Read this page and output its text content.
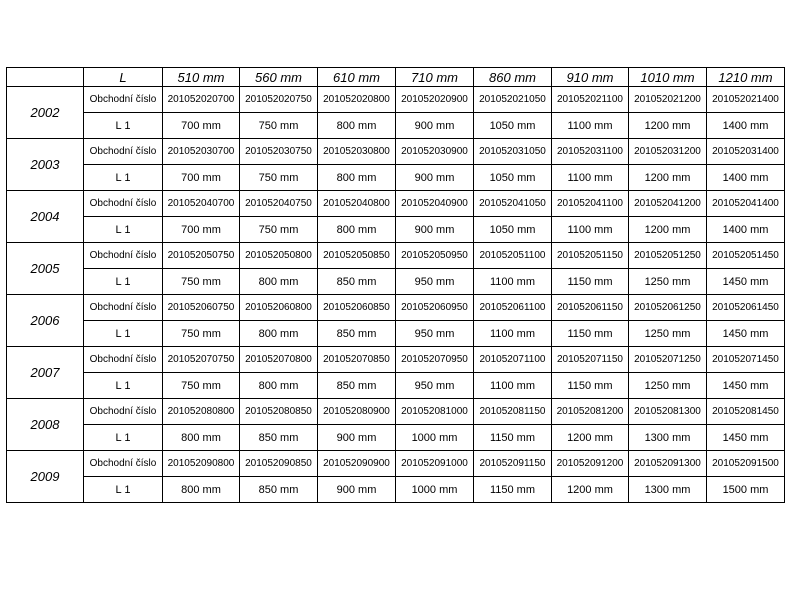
	L	510 mm	560 mm	610 mm	710 mm	860 mm	910 mm	1010 mm	1210 mm
2002	Obchodní číslo	201052020700	201052020750	201052020800	201052020900	201052021050	201052021100	201052021200	201052021400
	L 1	700 mm	750 mm	800 mm	900 mm	1050 mm	1100 mm	1200 mm	1400 mm
2003	Obchodní číslo	201052030700	201052030750	201052030800	201052030900	201052031050	201052031100	201052031200	201052031400
	L 1	700 mm	750 mm	800 mm	900 mm	1050 mm	1100 mm	1200 mm	1400 mm
2004	Obchodní číslo	201052040700	201052040750	201052040800	201052040900	201052041050	201052041100	201052041200	201052041400
	L 1	700 mm	750 mm	800 mm	900 mm	1050 mm	1100 mm	1200 mm	1400 mm
2005	Obchodní číslo	201052050750	201052050800	201052050850	201052050950	201052051100	201052051150	201052051250	201052051450
	L 1	750 mm	800 mm	850 mm	950 mm	1100 mm	1150 mm	1250 mm	1450 mm
2006	Obchodní číslo	201052060750	201052060800	201052060850	201052060950	201052061100	201052061150	201052061250	201052061450
	L 1	750 mm	800 mm	850 mm	950 mm	1100 mm	1150 mm	1250 mm	1450 mm
2007	Obchodní číslo	201052070750	201052070800	201052070850	201052070950	201052071100	201052071150	201052071250	201052071450
	L 1	750 mm	800 mm	850 mm	950 mm	1100 mm	1150 mm	1250 mm	1450 mm
2008	Obchodní číslo	201052080800	201052080850	201052080900	201052081000	201052081150	201052081200	201052081300	201052081450
	L 1	800 mm	850 mm	900 mm	1000 mm	1150 mm	1200 mm	1300 mm	1450 mm
2009	Obchodní číslo	201052090800	201052090850	201052090900	201052091000	201052091150	201052091200	201052091300	201052091500
	L 1	800 mm	850 mm	900 mm	1000 mm	1150 mm	1200 mm	1300 mm	1500 mm
